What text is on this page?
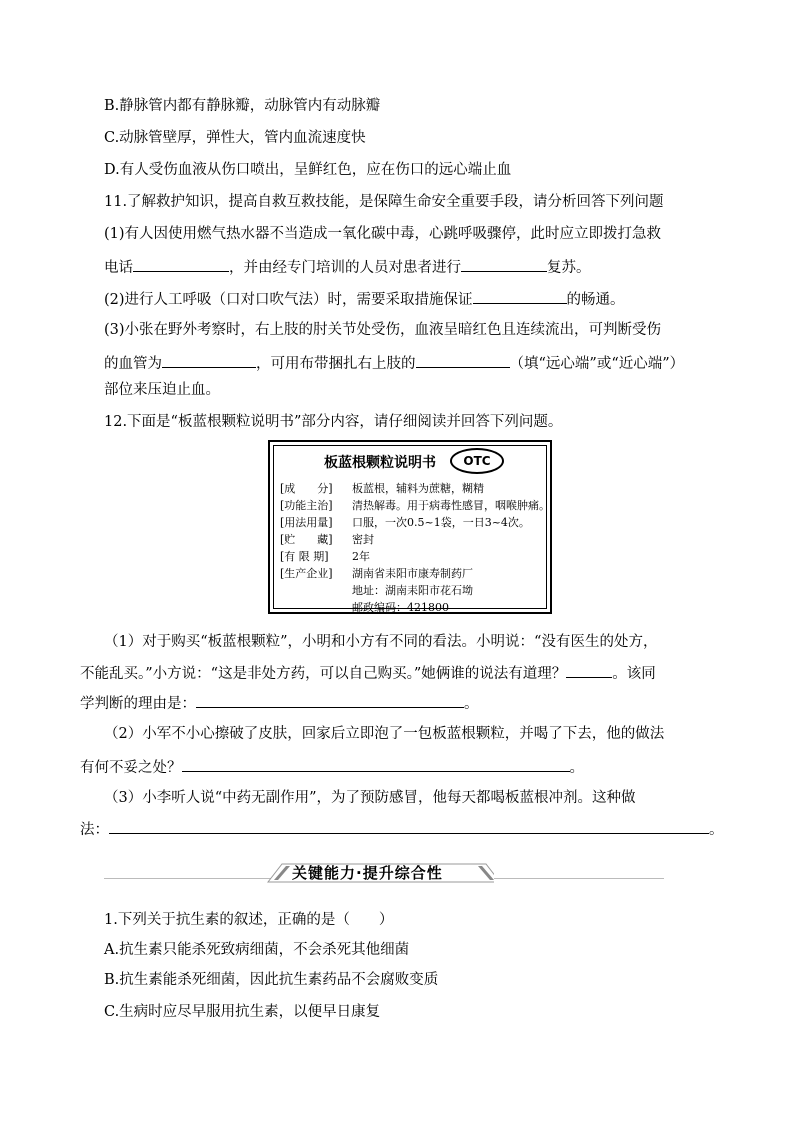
B.静脉管内都有静脉瓣，动脉管内有动脉瓣
C.动脉管壁厚，弹性大，管内血流速度快
D.有人受伤血液从伤口喷出，呈鲜红色，应在伤口的远心端止血
11.了解救护知识，提高自救互救技能，是保障生命安全重要手段，请分析回答下列问题
(1)有人因使用燃气热水器不当造成一氧化碳中毒，心跳呼吸骤停，此时应立即拨打急救
电话	，并由经专门培训的人员对患者进行	复苏。
(2)进行人工呼吸（口对口吹气法）时，需要采取措施保证	的畅通。
(3)小张在野外考察时，右上肢的肘关节处受伤，血液呈暗红色且连续流出，可判断受伤
的血管为	，可用布带捆扎右上肢的	（填“远心端”或“近心端”）
部位来压迫止血。
12.下面是“板蓝根颗粒说明书”部分内容，请仔细阅读并回答下列问题。
板蓝根颗粒说明书	OTC
[成　　分] 板蓝根，辅料为蔗糖，糊精
[功能主治] 清热解毒。用于病毒性感冒，咽喉肿痛。
[用法用量] 口服，一次0.5~1袋，一日3~4次。
[贮　　藏] 密封
[有 限 期] 2年
[生产企业] 湖南省耒阳市康寿制药厂
地址：湖南耒阳市花石坳
邮政编码：421800
（1）对于购买“板蓝根颗粒”，小明和小方有不同的看法。小明说：“没有医生的处方，
不能乱买。”小方说：“这是非处方药，可以自己购买。”她俩谁的说法有道理？	。该同
学判断的理由是：	。
（2）小军不小心擦破了皮肤，回家后立即泡了一包板蓝根颗粒，并喝了下去，他的做法
有何不妥之处？	。
（3）小李听人说“中药无副作用”，为了预防感冒，他每天都喝板蓝根冲剂。这种做
法：	。
关键能力·提升综合性
1.下列关于抗生素的叙述，正确的是（　　）
A.抗生素只能杀死致病细菌，不会杀死其他细菌
B.抗生素能杀死细菌，因此抗生素药品不会腐败变质
C.生病时应尽早服用抗生素，以便早日康复
